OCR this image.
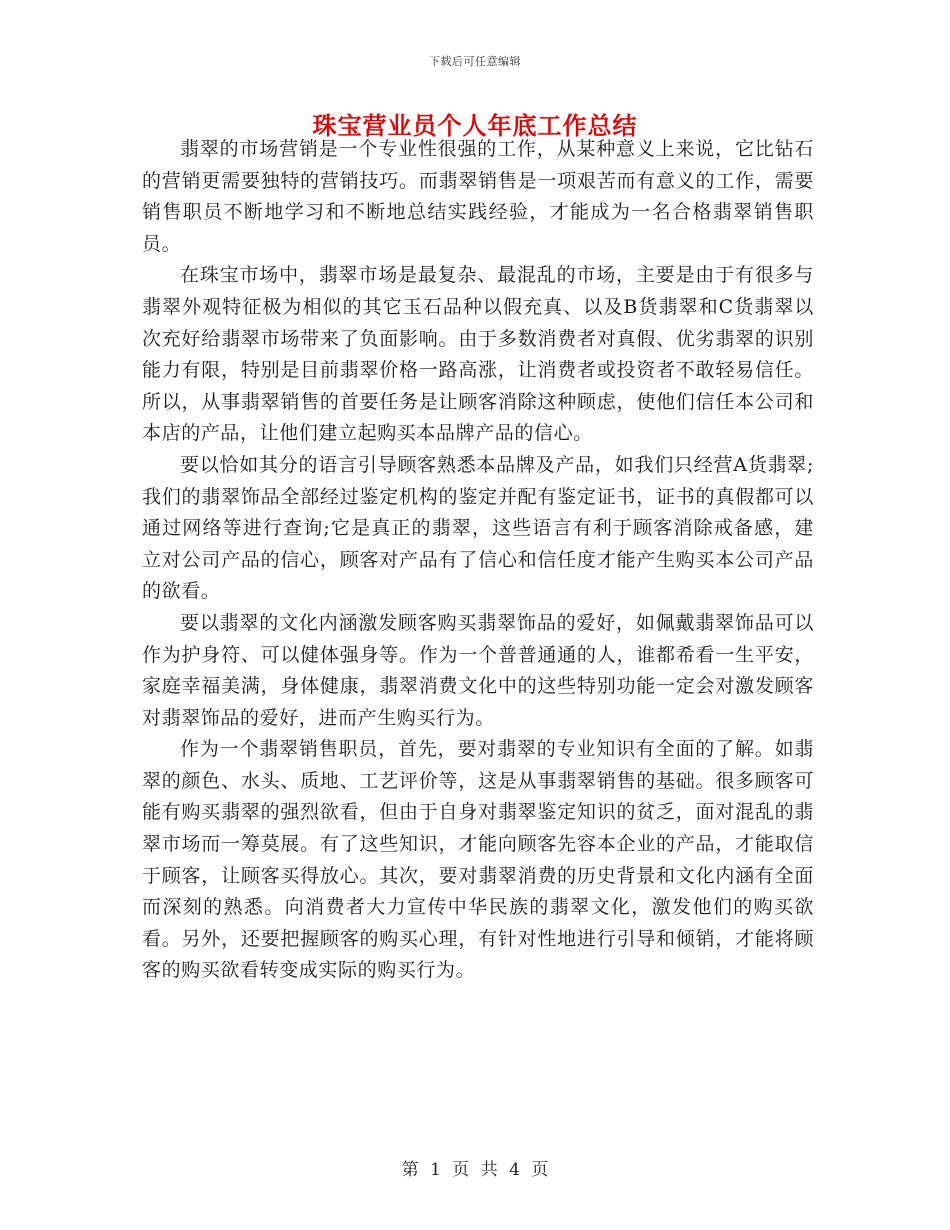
下载后可任意编辑
珠宝营业员个人年底工作总结

翡翠的市场营销是一个专业性很强的工作，从某种意义上来说，它比钻石的营销更需要独特的营销技巧。而翡翠销售是一项艰苦而有意义的工作，需要销售职员不断地学习和不断地总结实践经验，才能成为一名合格翡翠销售职员。

在珠宝市场中，翡翠市场是最复杂、最混乱的市场，主要是由于有很多与翡翠外观特征极为相似的其它玉石品种以假充真、以及B货翡翠和C货翡翠以次充好给翡翠市场带来了负面影响。由于多数消费者对真假、优劣翡翠的识别能力有限，特别是目前翡翠价格一路高涨，让消费者或投资者不敢轻易信任。所以，从事翡翠销售的首要任务是让顾客消除这种顾虑，使他们信任本公司和本店的产品，让他们建立起购买本品牌产品的信心。

要以恰如其分的语言引导顾客熟悉本品牌及产品，如我们只经营A货翡翠;我们的翡翠饰品全部经过鉴定机构的鉴定并配有鉴定证书，证书的真假都可以通过网络等进行查询;它是真正的翡翠，这些语言有利于顾客消除戒备感，建立对公司产品的信心，顾客对产品有了信心和信任度才能产生购买本公司产品的欲看。

要以翡翠的文化内涵激发顾客购买翡翠饰品的爱好，如佩戴翡翠饰品可以作为护身符、可以健体强身等。作为一个普普通通的人，谁都希看一生平安，家庭幸福美满，身体健康，翡翠消费文化中的这些特别功能一定会对激发顾客对翡翠饰品的爱好，进而产生购买行为。

作为一个翡翠销售职员，首先，要对翡翠的专业知识有全面的了解。如翡翠的颜色、水头、质地、工艺评价等，这是从事翡翠销售的基础。很多顾客可能有购买翡翠的强烈欲看，但由于自身对翡翠鉴定知识的贫乏，面对混乱的翡翠市场而一筹莫展。有了这些知识，才能向顾客先容本企业的产品，才能取信于顾客，让顾客买得放心。其次，要对翡翠消费的历史背景和文化内涵有全面而深刻的熟悉。向消费者大力宣传中华民族的翡翠文化，激发他们的购买欲看。另外，还要把握顾客的购买心理，有针对性地进行引导和倾销，才能将顾客的购买欲看转变成实际的购买行为。

第 1 页 共 4 页
